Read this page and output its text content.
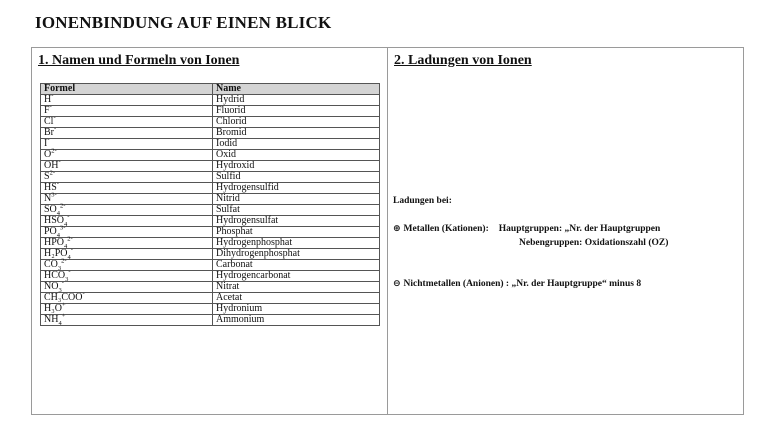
IONENBINDUNG AUF EINEN BLICK
1. Namen und Formeln von Ionen
Formel	Name
H-	Hydrid
F-	Fluorid
Cl-	Chlorid
Br-	Bromid
I-	Iodid
$O^{2-}$	Oxid
OH-	Hydroxid
$S^{2-}$	Sulfid
HS-	Hydrogensulfid
$N^{3-}$	Nitrid
$SO_4^{2-}$	Sulfat
$HSO_4^-$	Hydrogensulfat
$PO_4^{3-}$	Phosphat
$HPO_4^{2-}$	Hydrogenphosphat
$H_2PO_4^-$	Dihydrogenphosphat
$CO_3^{2-}$	Carbonat
$HCO_3^-$	Hydrogencarbonat
$NO_3^-$	Nitrat
CH₃COO-	Acetat
H₃O+	Hydronium
$NH_4^+$	Ammonium
2. Ladungen von Ionen
Ladungen bei:
⊕ Metallen (Kationen): Hauptgruppen: „Nr. der Hauptgruppen
Nebengruppen: Oxidationszahl (OZ)
⊖ Nichtmetallen (Anionen) : „Nr. der Hauptgruppe“ minus 8
